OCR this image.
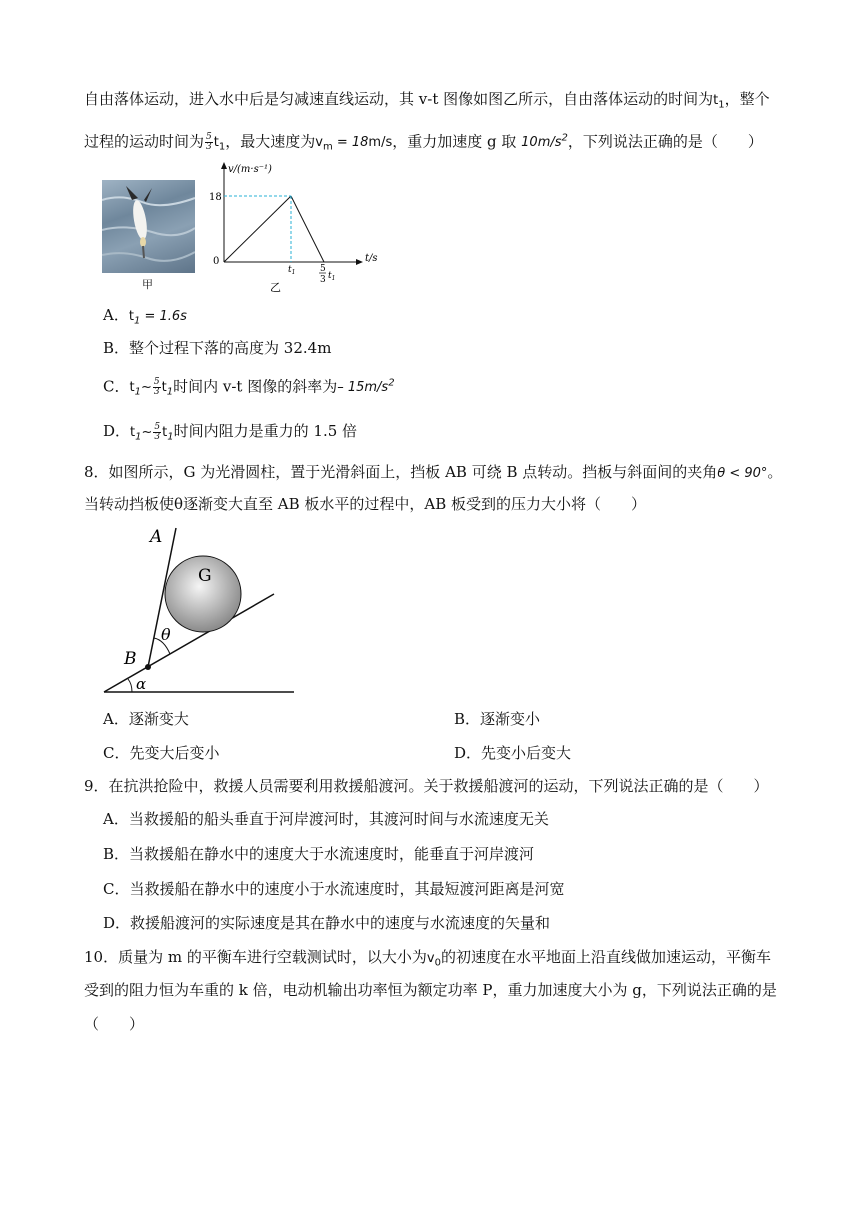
自由落体运动，进入水中后是匀减速直线运动，其 v-t 图像如图乙所示，自由落体运动的时间为$t_1$，整个
过程的运动时间为 $\frac{5}{3} t_1$，最大速度为$v_m = 18m/s$，重力加速度 g 取 $10m/s^2$，下列说法正确的是（　　）
甲
v/(m·s⁻¹)
t/s
18
0
$t_1$	5
3 $t_1$
乙
A．$t_1 = 1.6s$
B．整个过程下落的高度为 32.4m
C．$t_1\sim \frac{5}{3} t_1$时间内 v-t 图像的斜率为– $15m/s^2$
D．$t_1\sim \frac{5}{3} t_1$时间内阻力是重力的 1.5 倍
8．如图所示，G 为光滑圆柱，置于光滑斜面上，挡板 AB 可绕 B 点转动。挡板与斜面间的夹角θ < 90°。
当转动挡板使θ逐渐变大直至 AB 板水平的过程中，AB 板受到的压力大小将（　　）
A
B
G
θ
α
A．逐渐变大	B．逐渐变小
C．先变大后变小	D．先变小后变大
9．在抗洪抢险中，救援人员需要利用救援船渡河。关于救援船渡河的运动，下列说法正确的是（　　）
A．当救援船的船头垂直于河岸渡河时，其渡河时间与水流速度无关
B．当救援船在静水中的速度大于水流速度时，能垂直于河岸渡河
C．当救援船在静水中的速度小于水流速度时，其最短渡河距离是河宽
D．救援船渡河的实际速度是其在静水中的速度与水流速度的矢量和
10．质量为 m 的平衡车进行空载测试时，以大小为$v_0$的初速度在水平地面上沿直线做加速运动，平衡车
受到的阻力恒为车重的 k 倍，电动机输出功率恒为额定功率 P，重力加速度大小为 g，下列说法正确的是
（　　）
